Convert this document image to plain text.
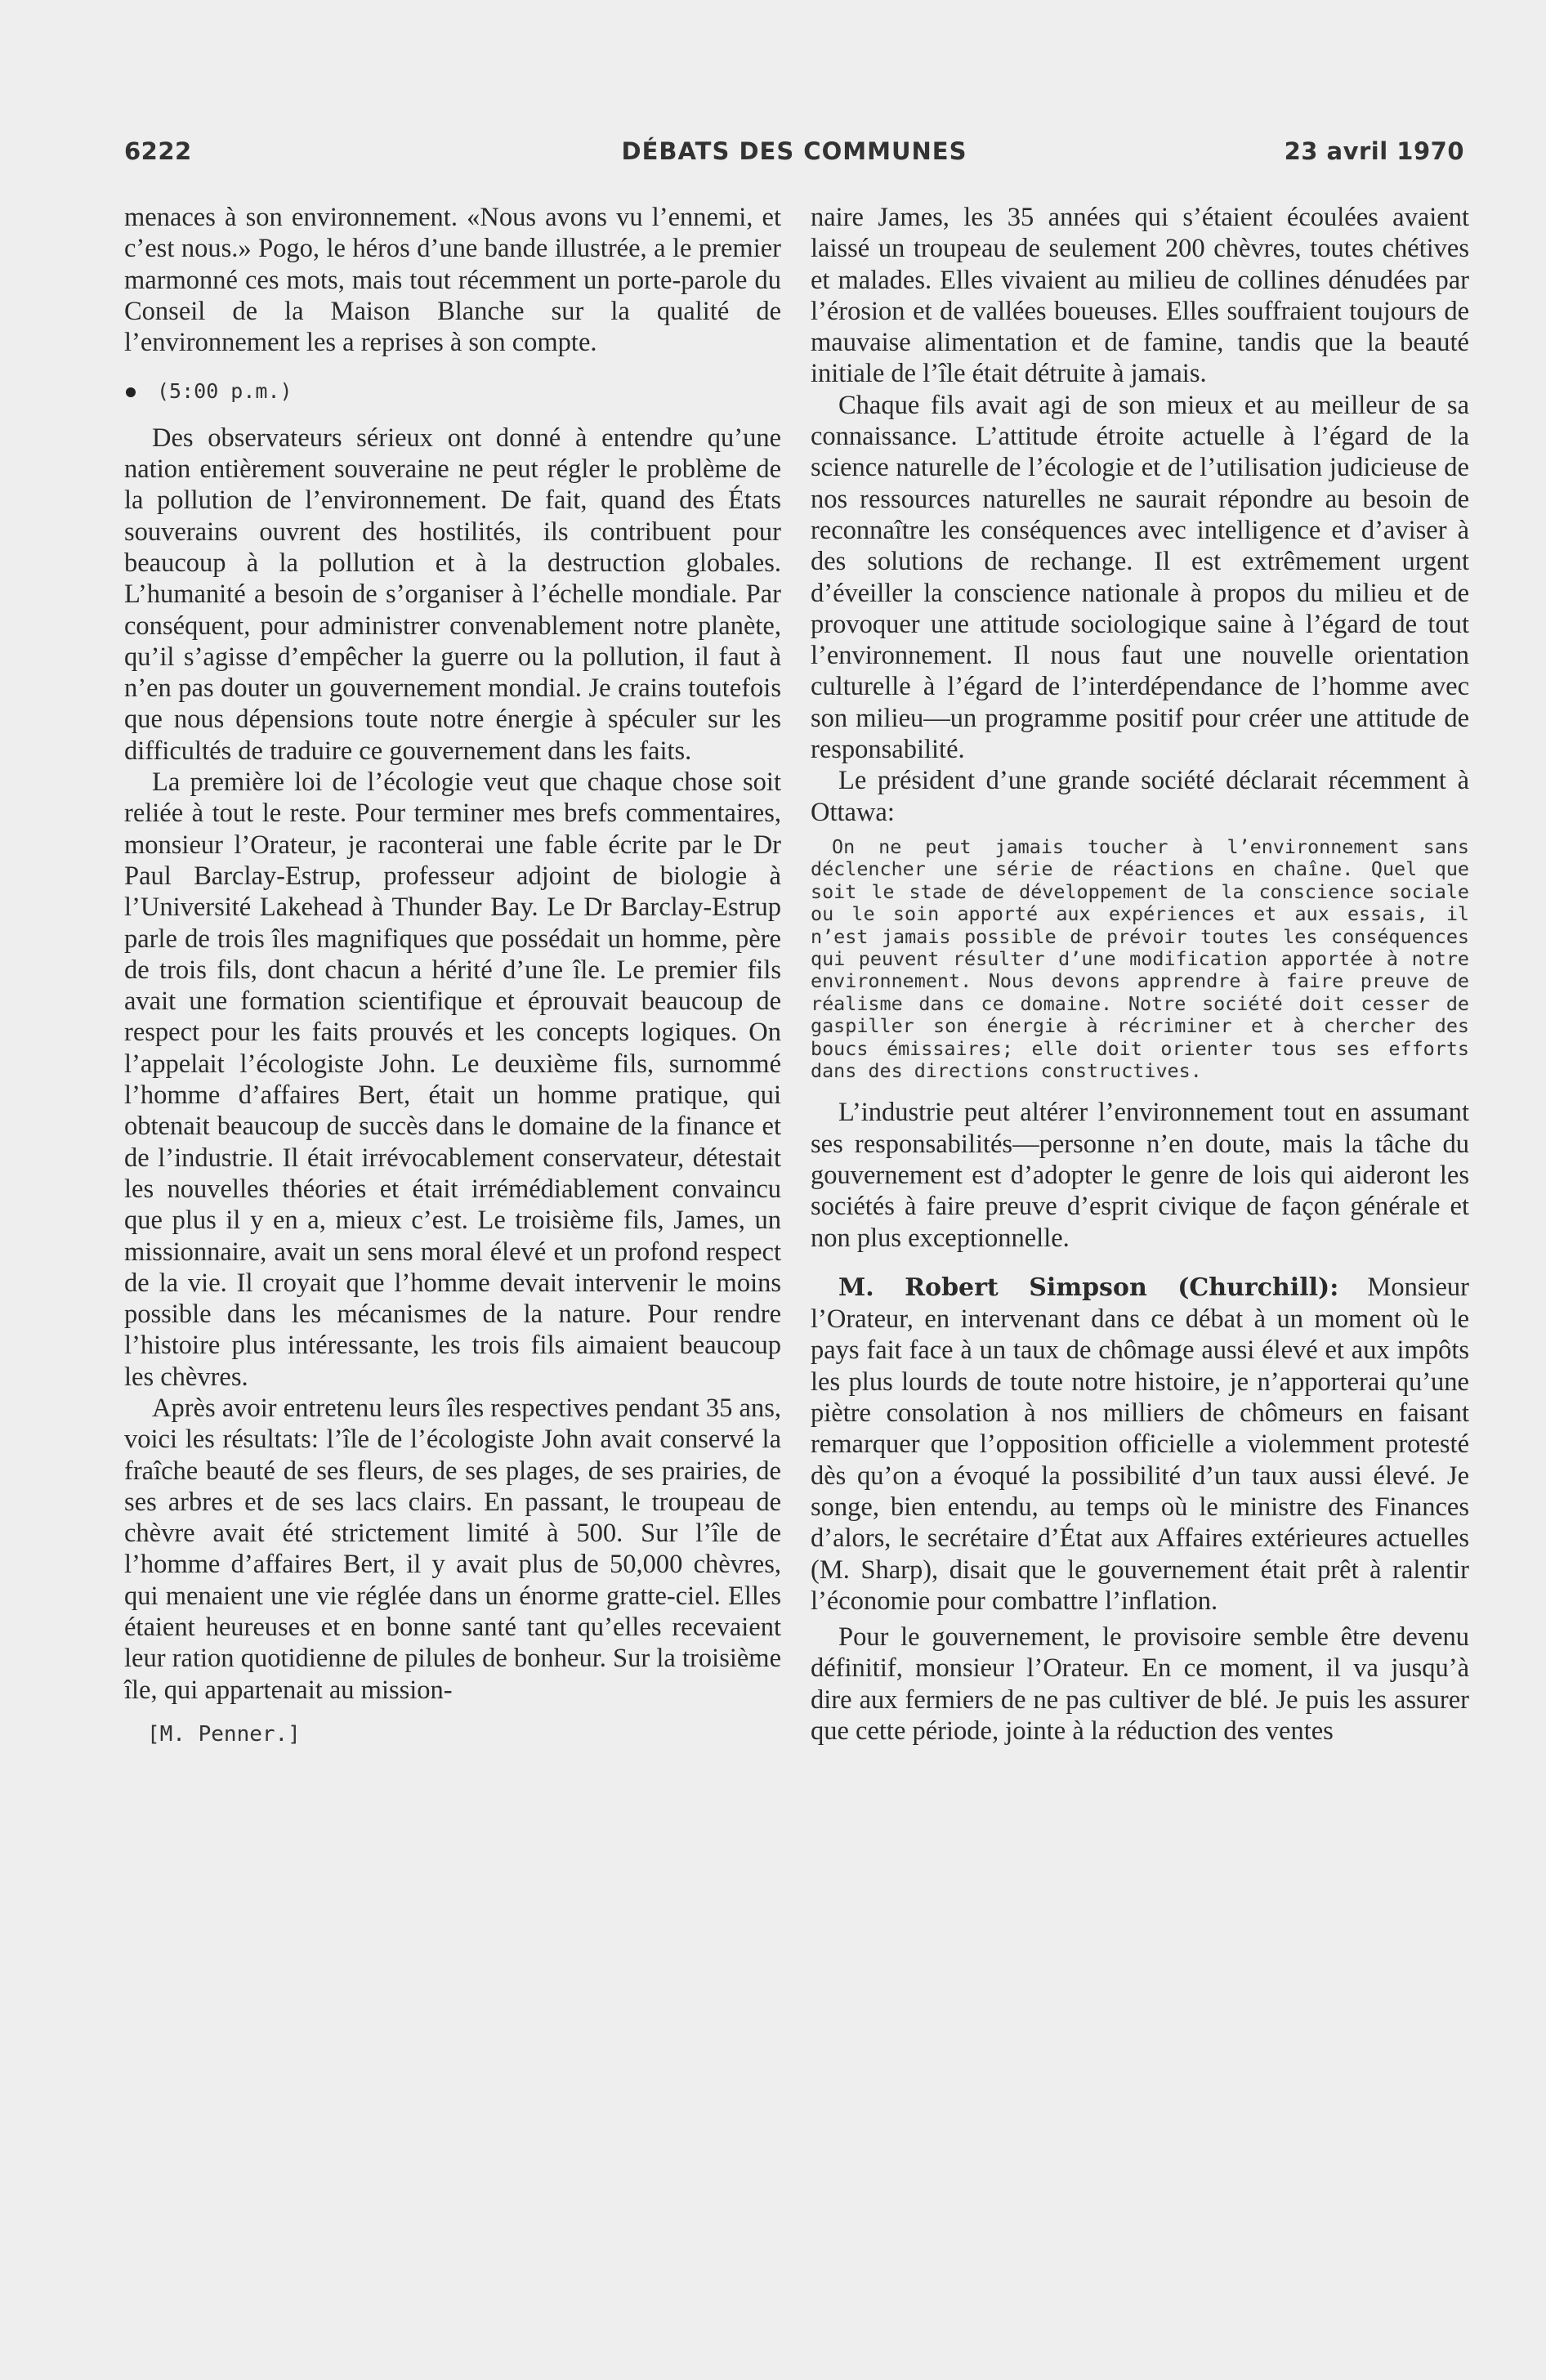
6222	DÉBATS DES COMMUNES	23 avril 1970

menaces à son environnement. «Nous avons vu l’ennemi, et c’est nous.» Pogo, le héros d’une bande illustrée, a le premier marmonné ces mots, mais tout récemment un porte-parole du Conseil de la Maison Blanche sur la qualité de l’environnement les a reprises à son compte.

(5:00 p.m.)

Des observateurs sérieux ont donné à entendre qu’une nation entièrement souveraine ne peut régler le problème de la pollution de l’environnement. De fait, quand des États souverains ouvrent des hostilités, ils contribuent pour beaucoup à la pollution et à la destruction globales. L’humanité a besoin de s’organiser à l’échelle mondiale. Par conséquent, pour administrer convenablement notre planète, qu’il s’agisse d’empêcher la guerre ou la pollution, il faut à n’en pas douter un gouvernement mondial. Je crains toutefois que nous dépensions toute notre énergie à spéculer sur les difficultés de traduire ce gouvernement dans les faits.

La première loi de l’écologie veut que chaque chose soit reliée à tout le reste. Pour terminer mes brefs commentaires, monsieur l’Orateur, je raconterai une fable écrite par le Dr Paul Barclay-Estrup, professeur adjoint de biologie à l’Université Lakehead à Thunder Bay. Le Dr Barclay-Estrup parle de trois îles magnifiques que possédait un homme, père de trois fils, dont chacun a hérité d’une île. Le premier fils avait une formation scientifique et éprouvait beaucoup de respect pour les faits prouvés et les concepts logiques. On l’appelait l’écologiste John. Le deuxième fils, surnommé l’homme d’affaires Bert, était un homme pratique, qui obtenait beaucoup de succès dans le domaine de la finance et de l’industrie. Il était irrévocablement conservateur, détestait les nouvelles théories et était irrémédiablement convaincu que plus il y en a, mieux c’est. Le troisième fils, James, un missionnaire, avait un sens moral élevé et un profond respect de la vie. Il croyait que l’homme devait intervenir le moins possible dans les mécanismes de la nature. Pour rendre l’histoire plus intéressante, les trois fils aimaient beaucoup les chèvres.

Après avoir entretenu leurs îles respectives pendant 35 ans, voici les résultats: l’île de l’écologiste John avait conservé la fraîche beauté de ses fleurs, de ses plages, de ses prairies, de ses arbres et de ses lacs clairs. En passant, le troupeau de chèvre avait été strictement limité à 500. Sur l’île de l’homme d’affaires Bert, il y avait plus de 50,000 chèvres, qui menaient une vie réglée dans un énorme gratte-ciel. Elles étaient heureuses et en bonne santé tant qu’elles recevaient leur ration quotidienne de pilules de bonheur. Sur la troisième île, qui appartenait au mission-

[M. Penner.]

naire James, les 35 années qui s’étaient écoulées avaient laissé un troupeau de seulement 200 chèvres, toutes chétives et malades. Elles vivaient au milieu de collines dénudées par l’érosion et de vallées boueuses. Elles souffraient toujours de mauvaise alimentation et de famine, tandis que la beauté initiale de l’île était détruite à jamais.

Chaque fils avait agi de son mieux et au meilleur de sa connaissance. L’attitude étroite actuelle à l’égard de la science naturelle de l’écologie et de l’utilisation judicieuse de nos ressources naturelles ne saurait répondre au besoin de reconnaître les conséquences avec intelligence et d’aviser à des solutions de rechange. Il est extrêmement urgent d’éveiller la conscience nationale à propos du milieu et de provoquer une attitude sociologique saine à l’égard de tout l’environnement. Il nous faut une nouvelle orientation culturelle à l’égard de l’interdépendance de l’homme avec son milieu—un programme positif pour créer une attitude de responsabilité.

Le président d’une grande société déclarait récemment à Ottawa:

On ne peut jamais toucher à l’environnement sans déclencher une série de réactions en chaîne. Quel que soit le stade de développement de la conscience sociale ou le soin apporté aux expériences et aux essais, il n’est jamais possible de prévoir toutes les conséquences qui peuvent résulter d’une modification apportée à notre environnement. Nous devons apprendre à faire preuve de réalisme dans ce domaine. Notre société doit cesser de gaspiller son énergie à récriminer et à chercher des boucs émissaires; elle doit orienter tous ses efforts dans des directions constructives.

L’industrie peut altérer l’environnement tout en assumant ses responsabilités—personne n’en doute, mais la tâche du gouvernement est d’adopter le genre de lois qui aideront les sociétés à faire preuve d’esprit civique de façon générale et non plus exceptionnelle.

M. Robert Simpson (Churchill): Monsieur l’Orateur, en intervenant dans ce débat à un moment où le pays fait face à un taux de chômage aussi élevé et aux impôts les plus lourds de toute notre histoire, je n’apporterai qu’une piètre consolation à nos milliers de chômeurs en faisant remarquer que l’opposition officielle a violemment protesté dès qu’on a évoqué la possibilité d’un taux aussi élevé. Je songe, bien entendu, au temps où le ministre des Finances d’alors, le secrétaire d’État aux Affaires extérieures actuelles (M. Sharp), disait que le gouvernement était prêt à ralentir l’économie pour combattre l’inflation.

Pour le gouvernement, le provisoire semble être devenu définitif, monsieur l’Orateur. En ce moment, il va jusqu’à dire aux fermiers de ne pas cultiver de blé. Je puis les assurer que cette période, jointe à la réduction des ventes
